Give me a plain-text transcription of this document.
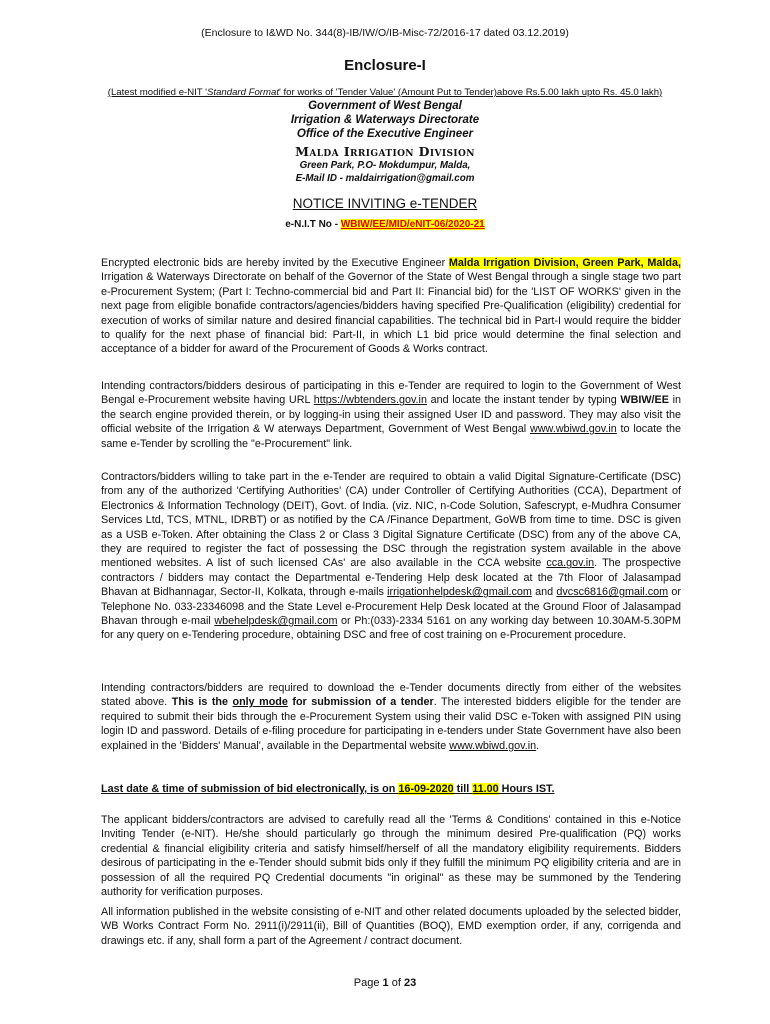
(Enclosure to I&WD No. 344(8)-IB/IW/O/IB-Misc-72/2016-17 dated 03.12.2019)
Enclosure-I
(Latest modified e-NIT 'Standard Format' for works of 'Tender Value' (Amount Put to Tender)above Rs.5.00 lakh upto Rs. 45.0 lakh)
Government of West Bengal
Irrigation & Waterways Directorate
Office of the Executive Engineer
Malda Irrigation Division
Green Park, P.O- Mokdumpur, Malda,
E-Mail ID - maldairrigation@gmail.com
NOTICE INVITING e-TENDER
e-N.I.T No - WBIW/EE/MID/eNIT-06/2020-21
Encrypted electronic bids are hereby invited by the Executive Engineer Malda Irrigation Division, Green Park, Malda, Irrigation & Waterways Directorate on behalf of the Governor of the State of West Bengal through a single stage two part e-Procurement System; (Part I: Techno-commercial bid and Part II: Financial bid) for the 'LIST OF WORKS' given in the next page from eligible bonafide contractors/agencies/bidders having specified Pre-Qualification (eligibility) credential for execution of works of similar nature and desired financial capabilities. The technical bid in Part-I would require the bidder to qualify for the next phase of financial bid: Part-II, in which L1 bid price would determine the final selection and acceptance of a bidder for award of the Procurement of Goods & Works contract.
Intending contractors/bidders desirous of participating in this e-Tender are required to login to the Government of West Bengal e-Procurement website having URL https://wbtenders.gov.in and locate the instant tender by typing WBIW/EE in the search engine provided therein, or by logging-in using their assigned User ID and password. They may also visit the official website of the Irrigation & W aterways Department, Government of West Bengal www.wbiwd.gov.in to locate the same e-Tender by scrolling the "e-Procurement" link.
Contractors/bidders willing to take part in the e-Tender are required to obtain a valid Digital Signature-Certificate (DSC) from any of the authorized 'Certifying Authorities' (CA) under Controller of Certifying Authorities (CCA), Department of Electronics & Information Technology (DEIT), Govt. of India. (viz. NIC, n-Code Solution, Safescrypt, e-Mudhra Consumer Services Ltd, TCS, MTNL, IDRBT) or as notified by the CA /Finance Department, GoWB from time to time. DSC is given as a USB e-Token. After obtaining the Class 2 or Class 3 Digital Signature Certificate (DSC) from any of the above CA, they are required to register the fact of possessing the DSC through the registration system available in the above mentioned websites. A list of such licensed CAs' are also available in the CCA website cca.gov.in. The prospective contractors / bidders may contact the Departmental e-Tendering Help desk located at the 7th Floor of Jalasampad Bhavan at Bidhannagar, Sector-II, Kolkata, through e-mails irrigationhelpdesk@gmail.com and dvcsc6816@gmail.com or Telephone No. 033-23346098 and the State Level e-Procurement Help Desk located at the Ground Floor of Jalasampad Bhavan through e-mail wbehelpdesk@gmail.com or Ph:(033)-2334 5161 on any working day between 10.30AM-5.30PM for any query on e-Tendering procedure, obtaining DSC and free of cost training on e-Procurement procedure.
Intending contractors/bidders are required to download the e-Tender documents directly from either of the websites stated above. This is the only mode for submission of a tender. The interested bidders eligible for the tender are required to submit their bids through the e-Procurement System using their valid DSC e-Token with assigned PIN using login ID and password. Details of e-filing procedure for participating in e-tenders under State Government have also been explained in the 'Bidders' Manual', available in the Departmental website www.wbiwd.gov.in.
Last date & time of submission of bid electronically, is on 16-09-2020 till 11.00 Hours IST.
The applicant bidders/contractors are advised to carefully read all the 'Terms & Conditions' contained in this e-Notice Inviting Tender (e-NIT). He/she should particularly go through the minimum desired Pre-qualification (PQ) works credential & financial eligibility criteria and satisfy himself/herself of all the mandatory eligibility requirements. Bidders desirous of participating in the e-Tender should submit bids only if they fulfill the minimum PQ eligibility criteria and are in possession of all the required PQ Credential documents "in original" as these may be summoned by the Tendering authority for verification purposes.
All information published in the website consisting of e-NIT and other related documents uploaded by the selected bidder, WB Works Contract Form No. 2911(i)/2911(ii), Bill of Quantities (BOQ), EMD exemption order, if any, corrigenda and drawings etc. if any, shall form a part of the Agreement / contract document.
Page 1 of 23
